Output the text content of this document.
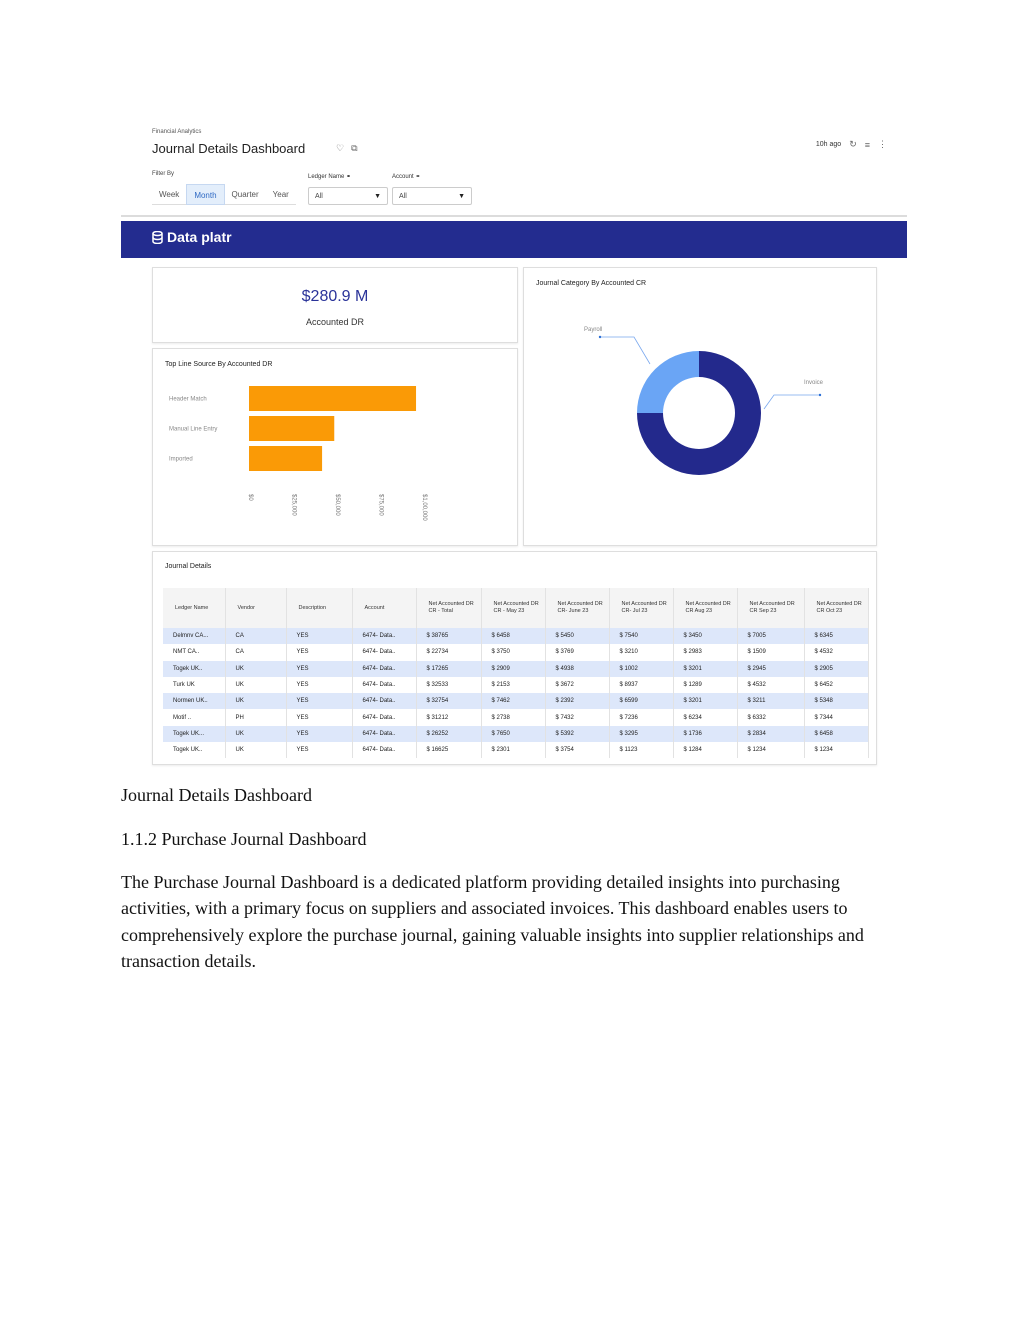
Financial Analytics
Journal Details Dashboard	♡ ⧉	10h ago ↻ ≡ ⋮
Filter By
Week	Month	Quarter	Year
Ledger Name ⚭
All	▼
Account ⚭
All	▼
Data platr
$280.9 M
Accounted DR
Top Line Source By Accounted DR
Header Match
Manual Line Entry
Imported
$0	$25,000	$50,000	$75,000	$1,00,000
Journal Category By Accounted CR
Payroll
Invoice
Journal Details
Ledger Name	Vendor	Description	Account	Net Accounted DR CR - Total	Net Accounted DR CR - May 23	Net Accounted DR CR- June 23	Net Accounted DR CR- Jul 23	Net Accounted DR CR Aug 23	Net Accounted DR CR Sep 23	Net Accounted DR CR Oct 23
Delmnv CA...	CA	YES	6474- Data..	$ 38765	$ 6458	$ 5450	$ 7540	$ 3450	$ 7005	$ 6345
NMT CA..	CA	YES	6474- Data..	$ 22734	$ 3750	$ 3769	$ 3210	$ 2983	$ 1509	$ 4532
Togek UK..	UK	YES	6474- Data..	$ 17265	$ 2909	$ 4938	$ 1002	$ 3201	$ 2945	$ 2905
Turk UK	UK	YES	6474- Data..	$ 32533	$ 2153	$ 3672	$ 8937	$ 1289	$ 4532	$ 6452
Normen UK..	UK	YES	6474- Data..	$ 32754	$ 7462	$ 2392	$ 6599	$ 3201	$ 3211	$ 5348
Motif ..	PH	YES	6474- Data..	$ 31212	$ 2738	$ 7432	$ 7236	$ 6234	$ 6332	$ 7344
Togek UK...	UK	YES	6474- Data..	$ 26252	$ 7650	$ 5392	$ 3295	$ 1736	$ 2834	$ 6458
Togek UK..	UK	YES	6474- Data..	$ 16625	$ 2301	$ 3754	$ 1123	$ 1284	$ 1234	$ 1234
Journal Details Dashboard
1.1.2 Purchase Journal Dashboard
The Purchase Journal Dashboard is a dedicated platform providing detailed insights into purchasing activities, with a primary focus on suppliers and associated invoices. This dashboard enables users to comprehensively explore the purchase journal, gaining valuable insights into supplier relationships and transaction details.
